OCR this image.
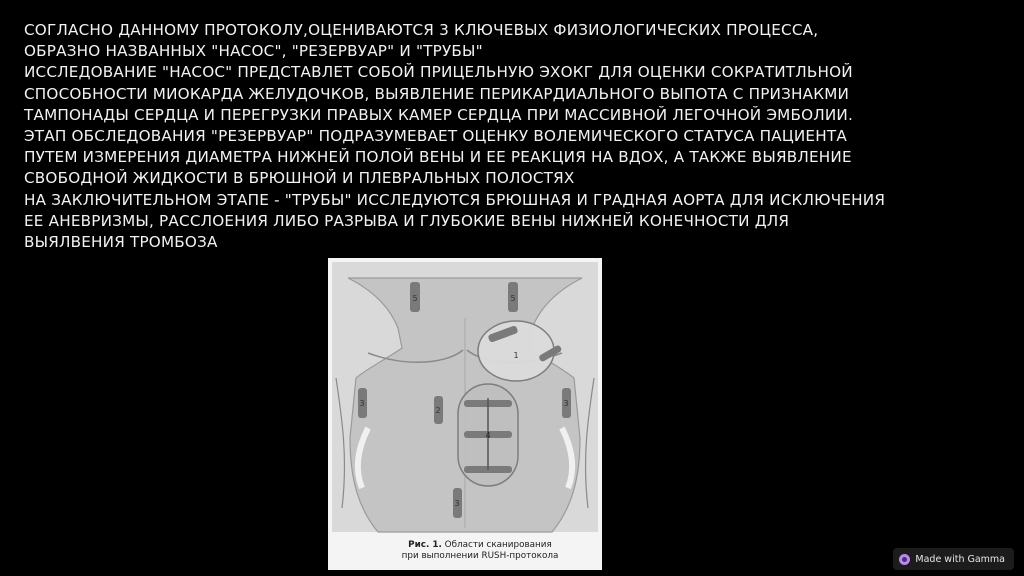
СОГЛАСНО ДАННОМУ ПРОТОКОЛУ,ОЦЕНИВАЮТСЯ 3 КЛЮЧЕВЫХ ФИЗИОЛОГИЧЕСКИХ ПРОЦЕССА,
ОБРАЗНО НАЗВАННЫХ "НАСОС", "РЕЗЕРВУАР" И "ТРУБЫ"
ИССЛЕДОВАНИЕ "НАСОС" ПРЕДСТАВЛЕТ СОБОЙ ПРИЦЕЛЬНУЮ ЭХОКГ ДЛЯ ОЦЕНКИ СОКРАТИТЛЬНОЙ
СПОСОБНОСТИ МИОКАРДА ЖЕЛУДОЧКОВ, ВЫЯВЛЕНИЕ ПЕРИКАРДИАЛЬНОГО ВЫПОТА С ПРИЗНАКМИ
ТАМПОНАДЫ СЕРДЦА И ПЕРЕГРУЗКИ ПРАВЫХ КАМЕР СЕРДЦА ПРИ МАССИВНОЙ ЛЕГОЧНОЙ ЭМБОЛИИ.
ЭТАП ОБСЛЕДОВАНИЯ "РЕЗЕРВУАР" ПОДРАЗУМЕВАЕТ ОЦЕНКУ ВОЛЕМИЧЕСКОГО СТАТУСА ПАЦИЕНТА
ПУТЕМ ИЗМЕРЕНИЯ ДИАМЕТРА НИЖНЕЙ ПОЛОЙ ВЕНЫ И ЕЕ РЕАКЦИЯ НА ВДОХ, А ТАКЖЕ ВЫЯВЛЕНИЕ
СВОБОДНОЙ ЖИДКОСТИ В БРЮШНОЙ И ПЛЕВРАЛЬНЫХ ПОЛОСТЯХ
НА ЗАКЛЮЧИТЕЛЬНОМ ЭТАПЕ - "ТРУБЫ" ИССЛЕДУЮТСЯ БРЮШНАЯ И ГРАДНАЯ АОРТА ДЛЯ ИСКЛЮЧЕНИЯ
ЕЕ АНЕВРИЗМЫ, РАССЛОЕНИЯ ЛИБО РАЗРЫВА И ГЛУБОКИЕ ВЕНЫ НИЖНЕЙ КОНЕЧНОСТИ ДЛЯ
ВЫЯЛВЕНИЯ ТРОМБОЗА
5	5
1
3	3
2
4
3
Рис. 1. Области сканирования
при выполнении RUSH-протокола	Made with Gamma
